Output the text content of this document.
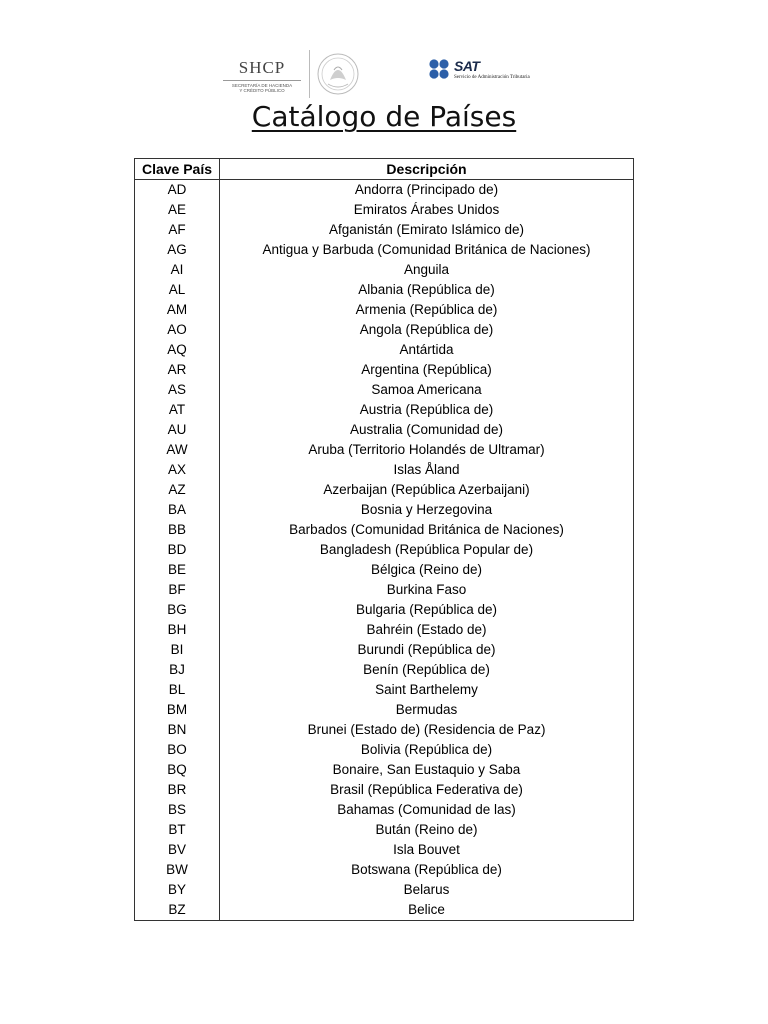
SHCP
SECRETARÍA DE HACIENDA
Y CRÉDITO PÚBLICO
SAT
Servicio de Administración Tributaria
Catálogo de Países
Clave País	Descripción
AD	Andorra (Principado de)
AE	Emiratos Árabes Unidos
AF	Afganistán (Emirato Islámico de)
AG	Antigua y Barbuda (Comunidad Británica de Naciones)
AI	Anguila
AL	Albania (República de)
AM	Armenia (República de)
AO	Angola (República de)
AQ	Antártida
AR	Argentina (República)
AS	Samoa Americana
AT	Austria (República de)
AU	Australia (Comunidad de)
AW	Aruba (Territorio Holandés de Ultramar)
AX	Islas Åland
AZ	Azerbaijan (República Azerbaijani)
BA	Bosnia y Herzegovina
BB	Barbados (Comunidad Británica de Naciones)
BD	Bangladesh (República Popular de)
BE	Bélgica (Reino de)
BF	Burkina Faso
BG	Bulgaria (República de)
BH	Bahréin (Estado de)
BI	Burundi (República de)
BJ	Benín (República de)
BL	Saint Barthelemy
BM	Bermudas
BN	Brunei (Estado de) (Residencia de Paz)
BO	Bolivia (República de)
BQ	Bonaire, San Eustaquio y Saba
BR	Brasil (República Federativa de)
BS	Bahamas (Comunidad de las)
BT	Bután (Reino de)
BV	Isla Bouvet
BW	Botswana (República de)
BY	Belarus
BZ	Belice
